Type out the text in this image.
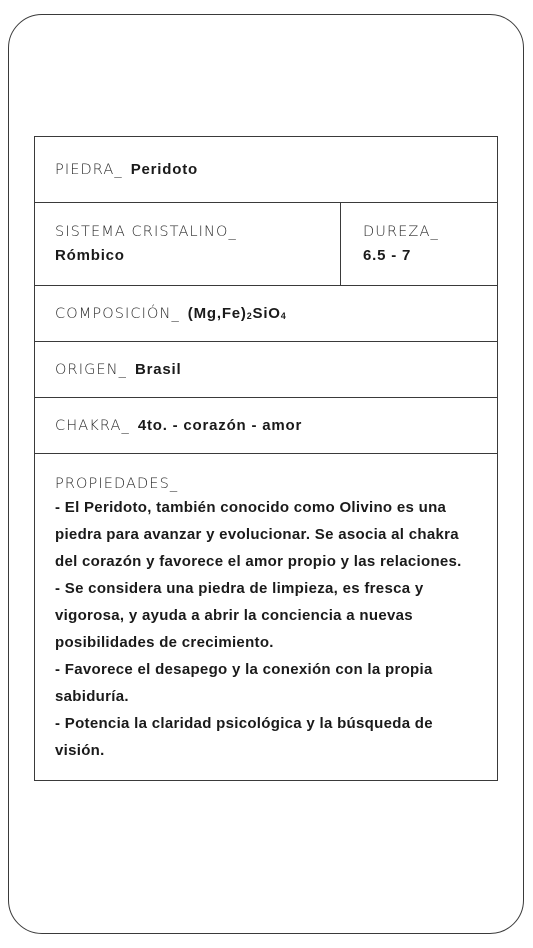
PIEDRA_ Peridoto
SISTEMA CRISTALINO_
Rómbico
DUREZA_
6.5 - 7
COMPOSICIÓN_ (Mg,Fe)2SiO4
ORIGEN_ Brasil
CHAKRA_ 4to. - corazón - amor
PROPIEDADES_

- El Peridoto, también conocido como Olivino es una piedra para avanzar y evolucionar. Se asocia al chakra del corazón y favorece el amor propio y las relaciones.

- Se considera una piedra de limpieza, es fresca y vigorosa, y ayuda a abrir la conciencia a nuevas posibilidades de crecimiento.

- Favorece el desapego y la conexión con la propia sabiduría.

- Potencia la claridad psicológica y la búsqueda de visión.
